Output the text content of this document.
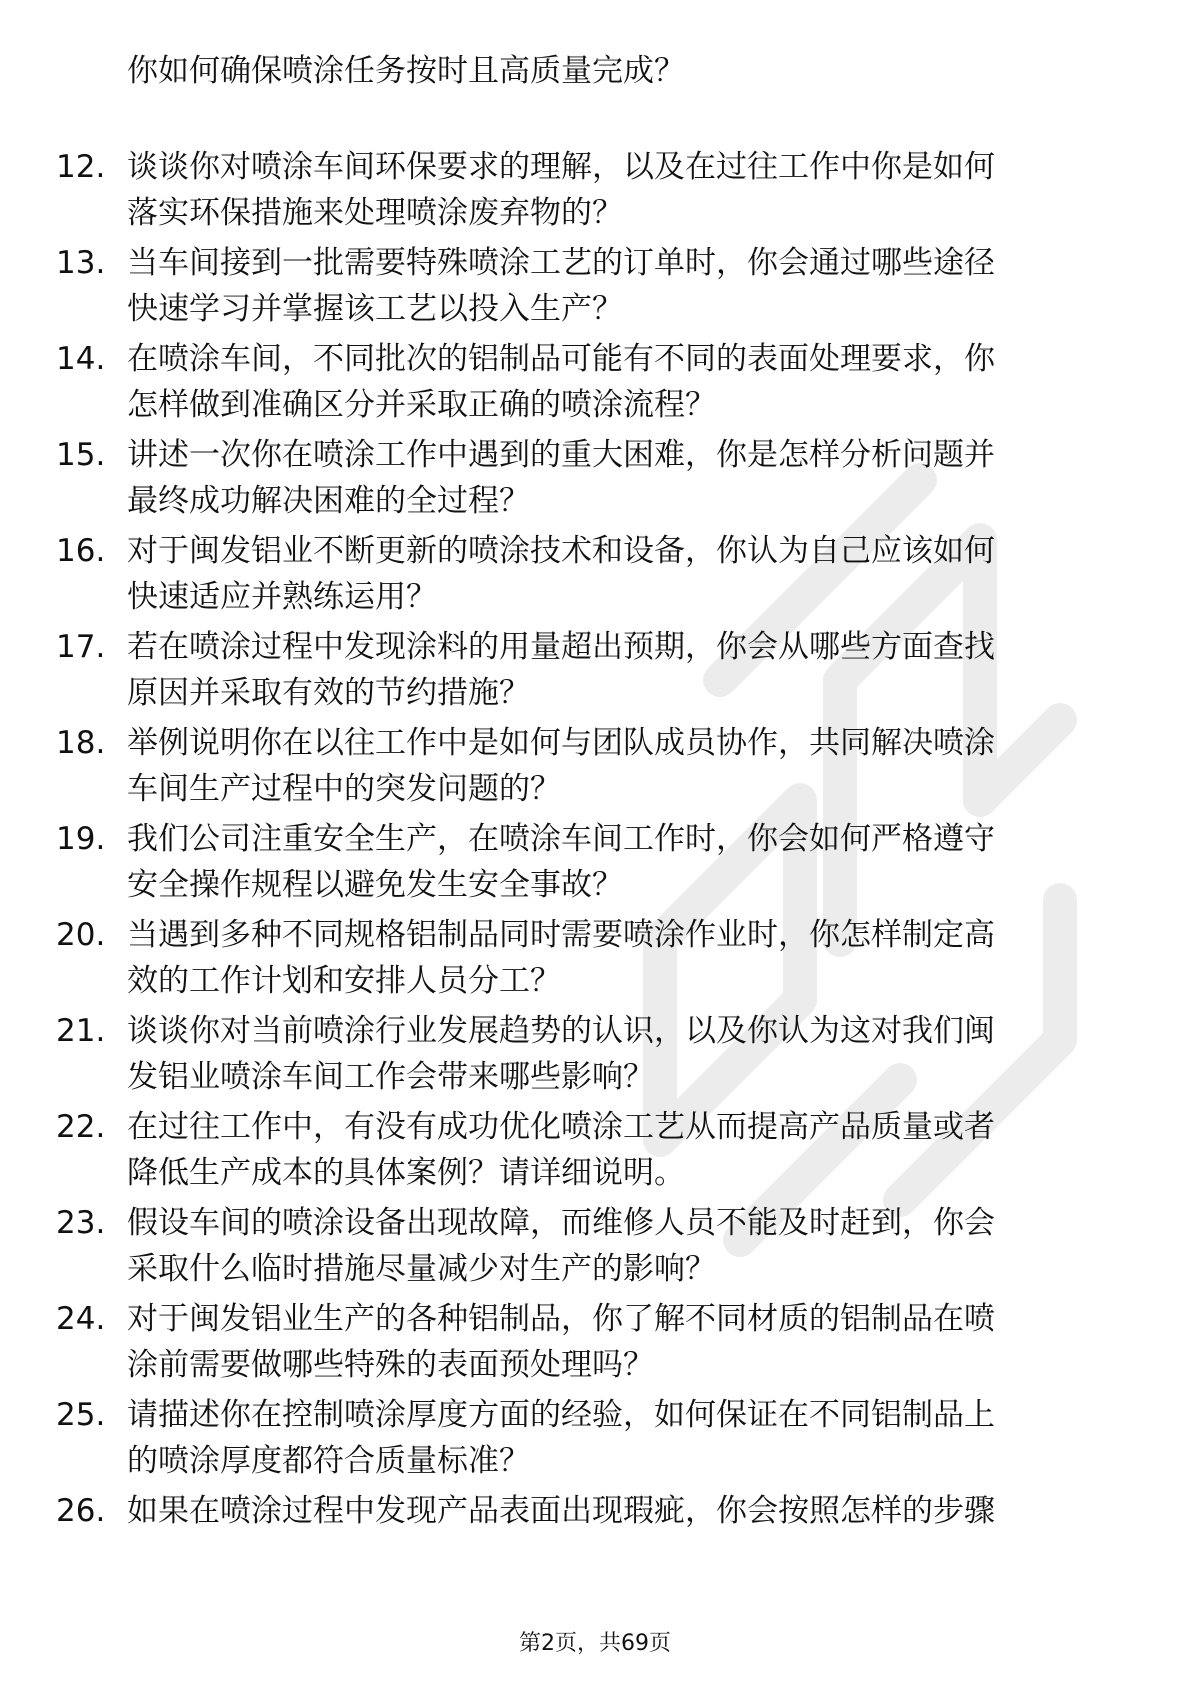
你如何确保喷涂任务按时且高质量完成？
12. 谈谈你对喷涂车间环保要求的理解，以及在过往工作中你是如何
落实环保措施来处理喷涂废弃物的？
13. 当车间接到一批需要特殊喷涂工艺的订单时，你会通过哪些途径
快速学习并掌握该工艺以投入生产？
14. 在喷涂车间，不同批次的铝制品可能有不同的表面处理要求，你
怎样做到准确区分并采取正确的喷涂流程？
15. 讲述一次你在喷涂工作中遇到的重大困难，你是怎样分析问题并
最终成功解决困难的全过程？
16. 对于闽发铝业不断更新的喷涂技术和设备，你认为自己应该如何
快速适应并熟练运用？
17. 若在喷涂过程中发现涂料的用量超出预期，你会从哪些方面查找
原因并采取有效的节约措施？
18. 举例说明你在以往工作中是如何与团队成员协作，共同解决喷涂
车间生产过程中的突发问题的？
19. 我们公司注重安全生产，在喷涂车间工作时，你会如何严格遵守
安全操作规程以避免发生安全事故？
20. 当遇到多种不同规格铝制品同时需要喷涂作业时，你怎样制定高
效的工作计划和安排人员分工？
21. 谈谈你对当前喷涂行业发展趋势的认识，以及你认为这对我们闽
发铝业喷涂车间工作会带来哪些影响？
22. 在过往工作中，有没有成功优化喷涂工艺从而提高产品质量或者
降低生产成本的具体案例？请详细说明。
23. 假设车间的喷涂设备出现故障，而维修人员不能及时赶到，你会
采取什么临时措施尽量减少对生产的影响？
24. 对于闽发铝业生产的各种铝制品，你了解不同材质的铝制品在喷
涂前需要做哪些特殊的表面预处理吗？
25. 请描述你在控制喷涂厚度方面的经验，如何保证在不同铝制品上
的喷涂厚度都符合质量标准？
26. 如果在喷涂过程中发现产品表面出现瑕疵，你会按照怎样的步骤
第2页，共69页
